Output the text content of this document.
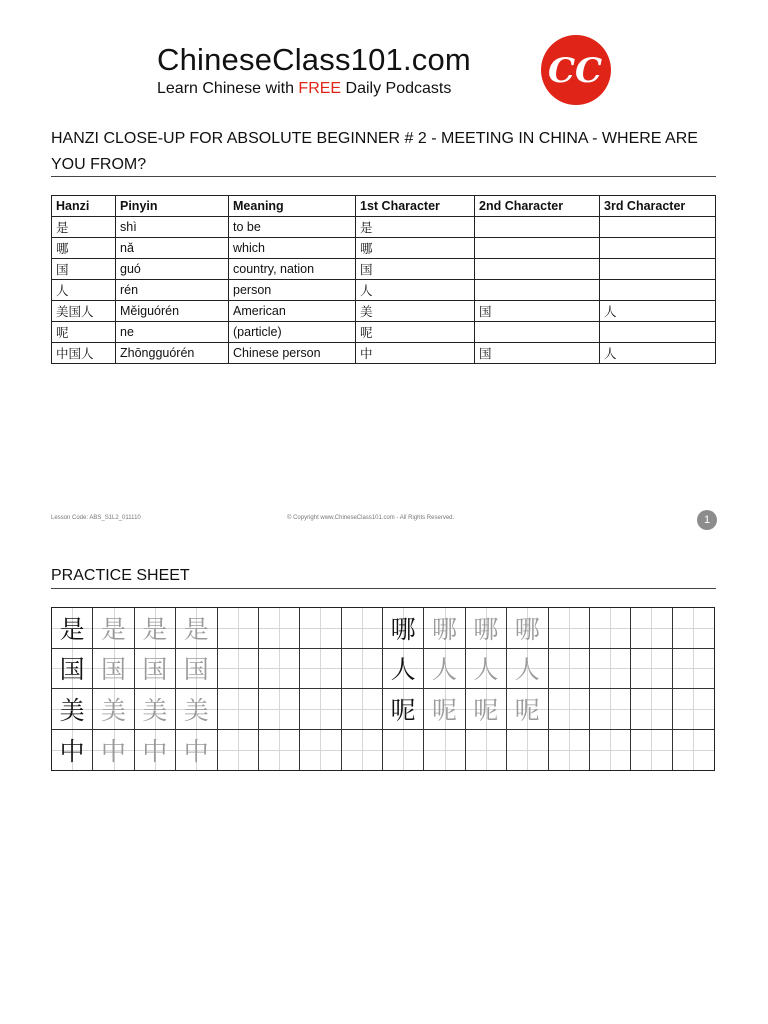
ChineseClass101.com
Learn Chinese with FREE Daily Podcasts	CC
HANZI CLOSE-UP FOR ABSOLUTE BEGINNER # 2 - MEETING IN CHINA - WHERE ARE YOU FROM?
Hanzi	Pinyin	Meaning	1st Character	2nd Character	3rd Character
是	shì	to be	是		
哪	nǎ	which	哪		
国	guó	country, nation	国		
人	rén	person	人		
美国人	Měiguórén	American	美	国	人
呢	ne	(particle)	呢		
中国人	Zhōngguórén	Chinese person	中	国	人
Lesson Code: ABS_S1L2_011110	© Copyright www.ChineseClass101.com - All Rights Reserved.	1
PRACTICE SHEET
是 是 是 是	哪 哪 哪 哪
国 国 国 国	人 人 人 人
美 美 美 美	呢 呢 呢 呢
中 中 中 中
